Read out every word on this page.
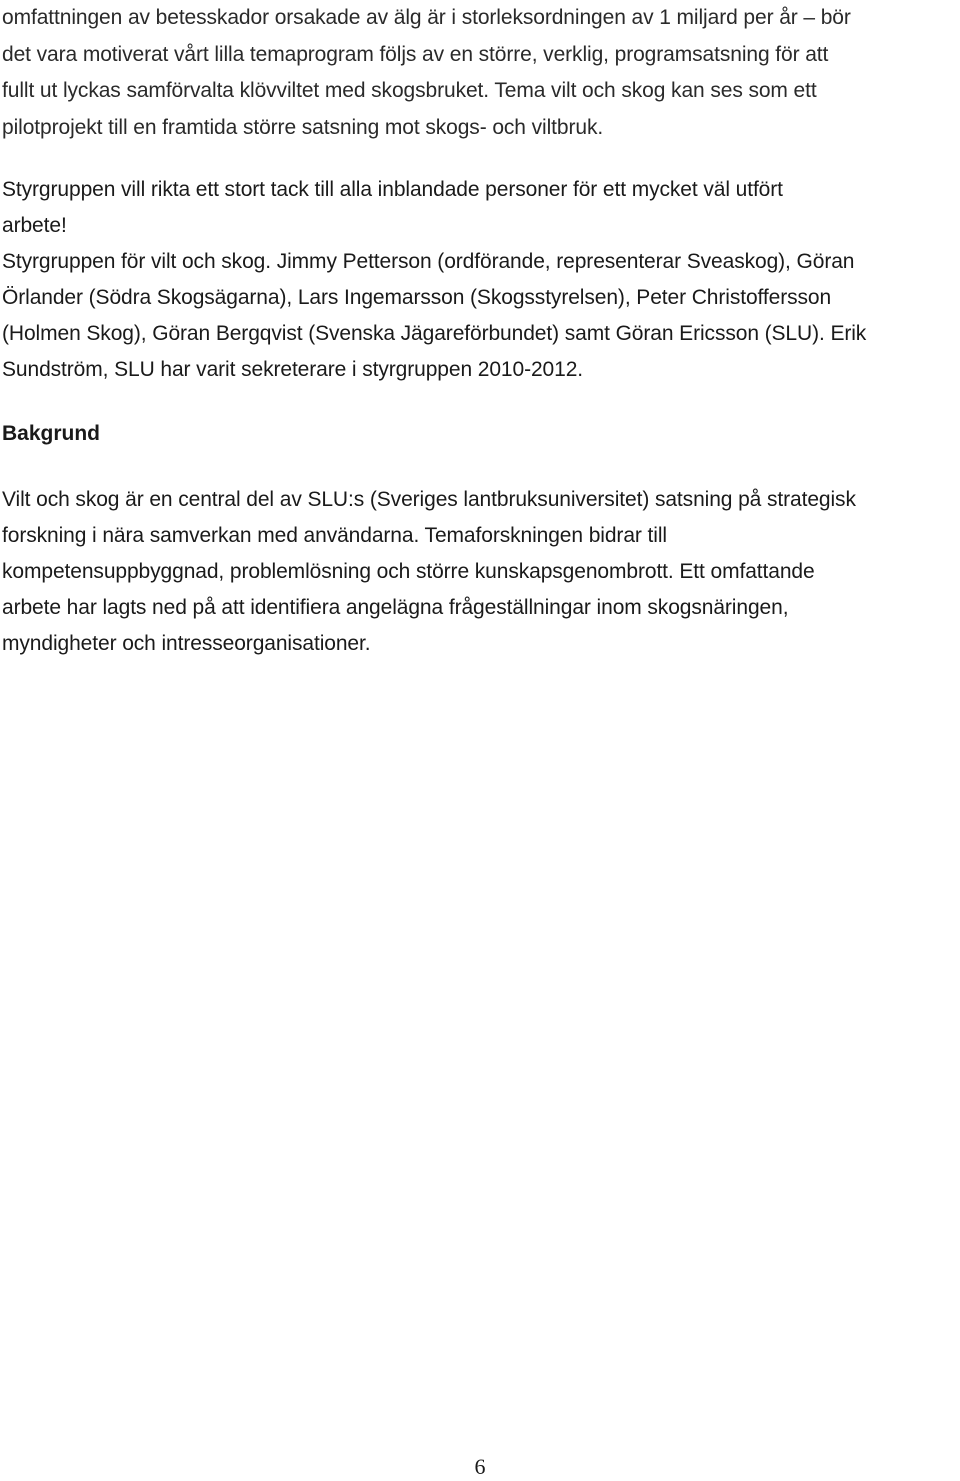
omfattningen av betesskador orsakade av älg är i storleksordningen av 1 miljard per år – bör
det vara motiverat vårt lilla temaprogram följs av en större, verklig, programsatsning för att
fullt ut lyckas samförvalta klövviltet med skogsbruket. Tema vilt och skog kan ses som ett
pilotprojekt till en framtida större satsning mot skogs- och viltbruk.

Styrgruppen vill rikta ett stort tack till alla inblandade personer för ett mycket väl utfört
arbete!

Styrgruppen för vilt och skog. Jimmy Petterson (ordförande, representerar Sveaskog), Göran
Örlander (Södra Skogsägarna), Lars Ingemarsson (Skogsstyrelsen), Peter Christoffersson
(Holmen Skog), Göran Bergqvist (Svenska Jägareförbundet) samt Göran Ericsson (SLU). Erik
Sundström, SLU har varit sekreterare i styrgruppen 2010-2012.

Bakgrund

Vilt och skog är en central del av SLU:s (Sveriges lantbruksuniversitet) satsning på strategisk
forskning i nära samverkan med användarna. Temaforskningen bidrar till
kompetensuppbyggnad, problemlösning och större kunskapsgenombrott. Ett omfattande
arbete har lagts ned på att identifiera angelägna frågeställningar inom skogsnäringen,
myndigheter och intresseorganisationer.

6
